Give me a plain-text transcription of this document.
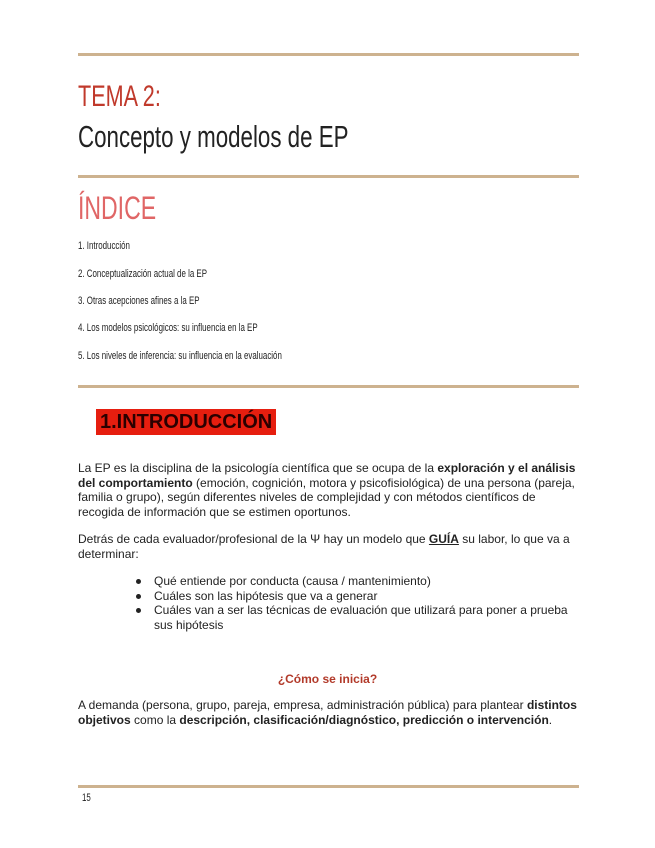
TEMA 2:
Concepto y modelos de EP
ÍNDICE
1. Introducción
2. Conceptualización actual de la EP
3. Otras acepciones afines a la EP
4. Los modelos psicológicos: su influencia en la EP
5. Los niveles de inferencia: su influencia en la evaluación
1.INTRODUCCIÓN

La EP es la disciplina de la psicología científica que se ocupa de la exploración y el análisis del comportamiento (emoción, cognición, motora y psicofisiológica) de una persona (pareja, familia o grupo), según diferentes niveles de complejidad y con métodos científicos de recogida de información que se estimen oportunos.

Detrás de cada evaluador/profesional de la Ψ hay un modelo que GUÍA su labor, lo que va a determinar:

Qué entiende por conducta (causa / mantenimiento)
Cuáles son las hipótesis que va a generar
Cuáles van a ser las técnicas de evaluación que utilizará para poner a prueba sus hipótesis

¿Cómo se inicia?

A demanda (persona, grupo, pareja, empresa, administración pública) para plantear distintos objetivos como la descripción, clasificación/diagnóstico, predicción o intervención.

15
